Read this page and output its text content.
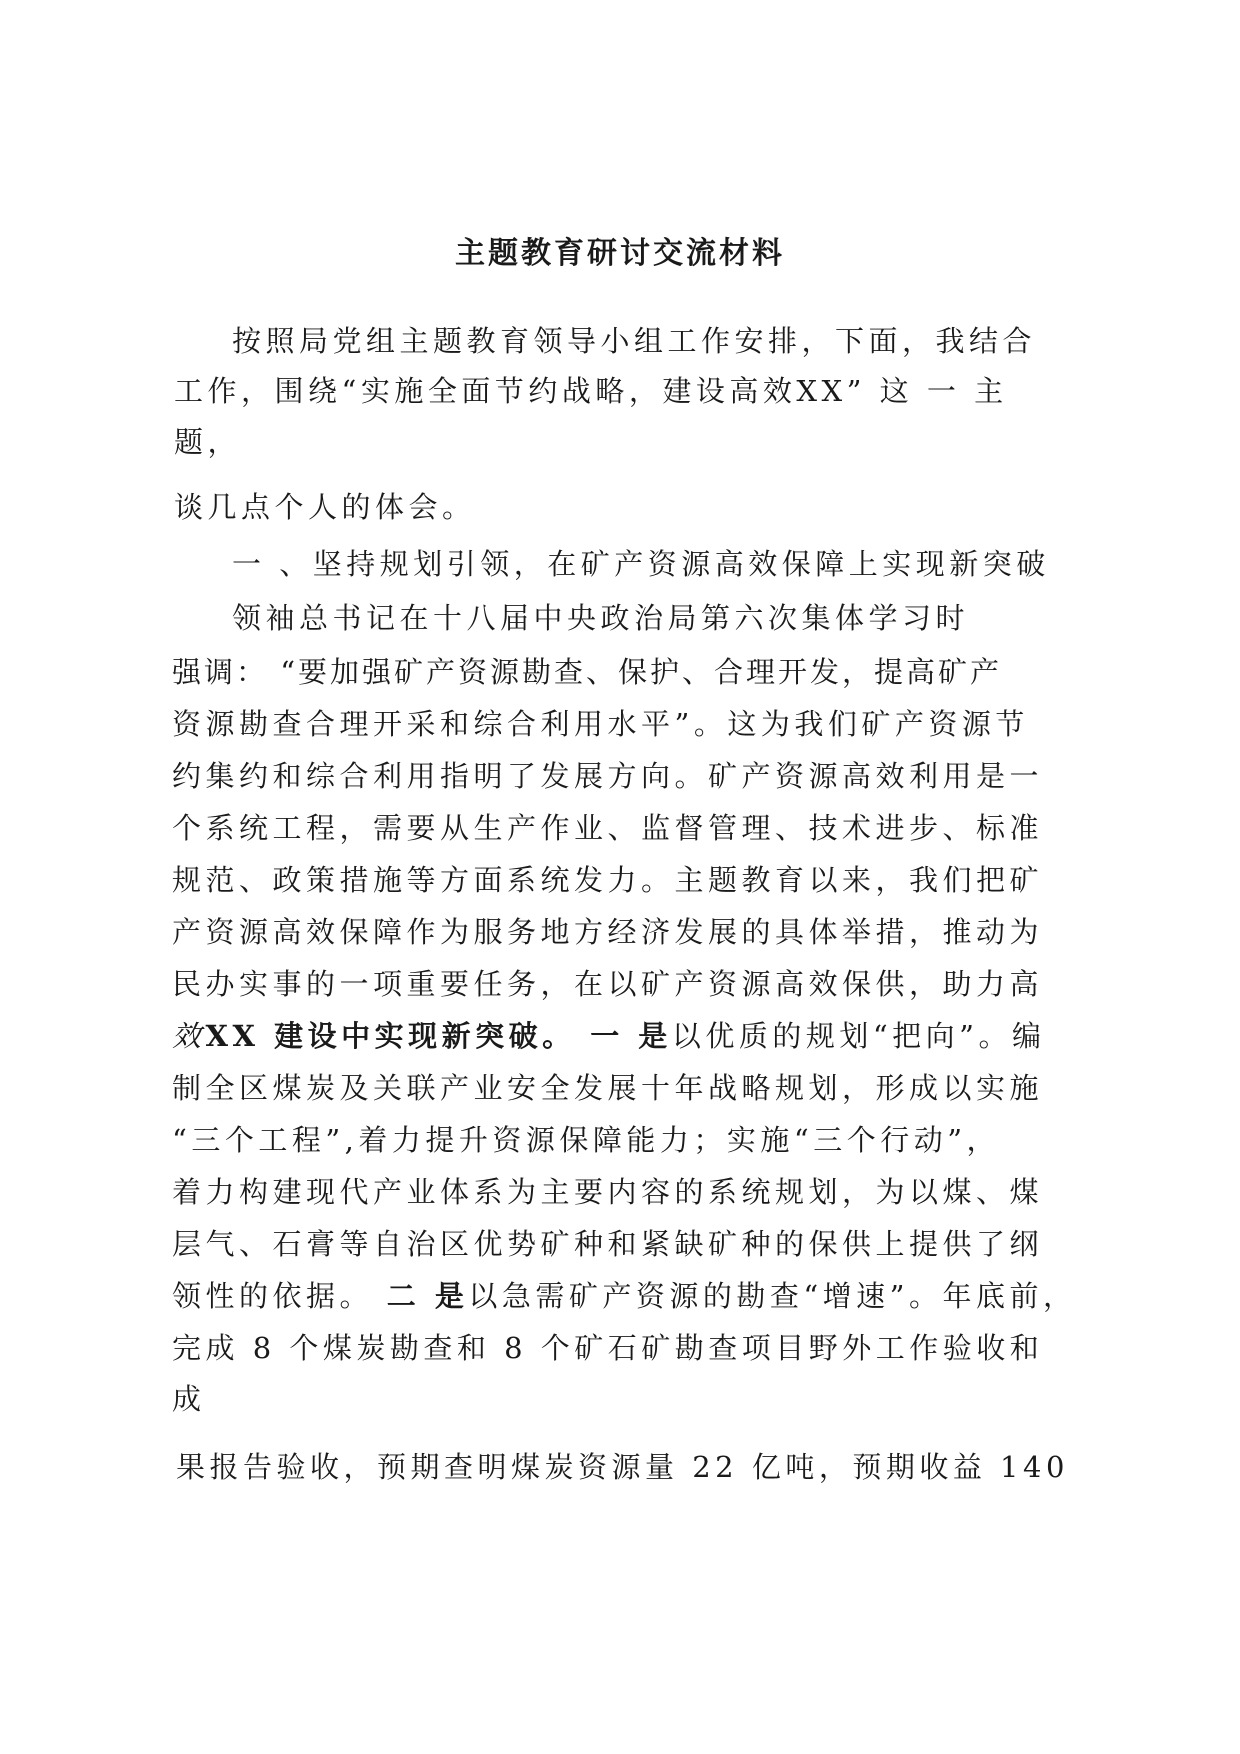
主题教育研讨交流材料
按照局党组主题教育领导小组工作安排，下面，我结合
工作，围绕“实施全面节约战略，建设高效XX” 这 一 主
题，
谈几点个人的体会。
一 、坚持规划引领，在矿产资源高效保障上实现新突破
领袖总书记在十八届中央政治局第六次集体学习时
强调： “要加强矿产资源勘查、保护、合理开发，提高矿产
资源勘查合理开采和综合利用水平”。这为我们矿产资源节
约集约和综合利用指明了发展方向。矿产资源高效利用是一
个系统工程，需要从生产作业、监督管理、技术进步、标准
规范、政策措施等方面系统发力。主题教育以来，我们把矿
产资源高效保障作为服务地方经济发展的具体举措，推动为
民办实事的一项重要任务，在以矿产资源高效保供，助力高
效XX 建设中实现新突破。 一 是以优质的规划“把向”。编
制全区煤炭及关联产业安全发展十年战略规划，形成以实施
“三个工程”,着力提升资源保障能力；实施“三个行动”，
着力构建现代产业体系为主要内容的系统规划，为以煤、煤
层气、石膏等自治区优势矿种和紧缺矿种的保供上提供了纲
领性的依据。 二 是以急需矿产资源的勘查“增速”。年底前，
完成 8 个煤炭勘查和 8 个矿石矿勘查项目野外工作验收和
成
果报告验收，预期查明煤炭资源量 22 亿吨，预期收益 140
